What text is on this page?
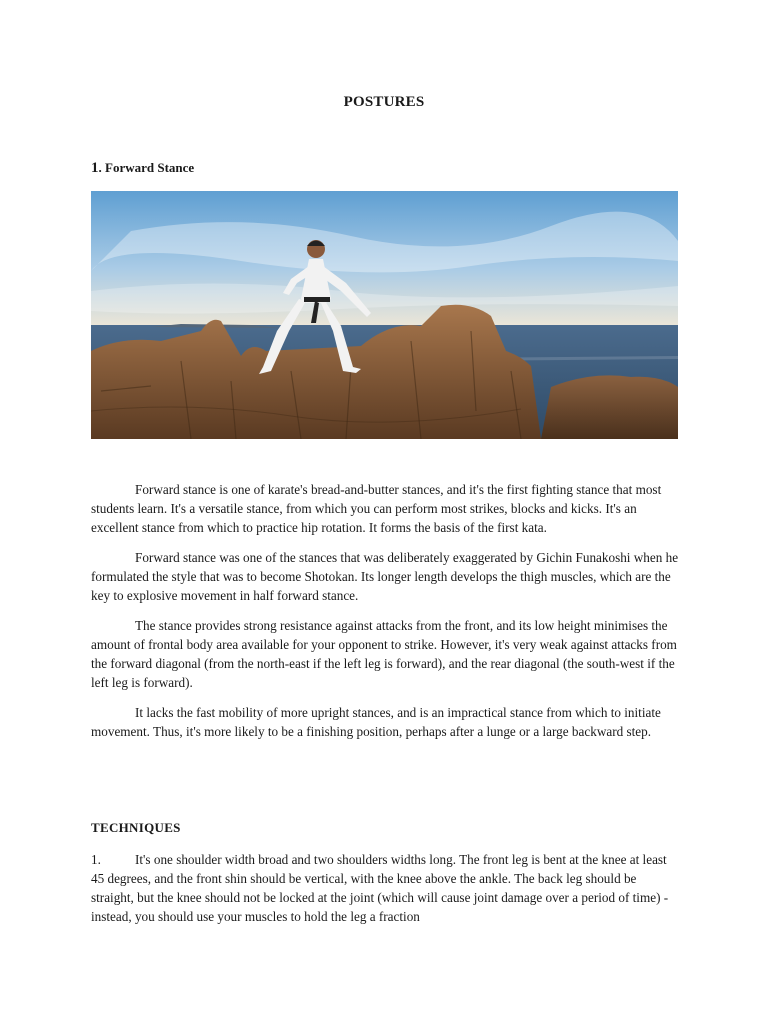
POSTURES
1. Forward Stance

Forward stance is one of karate's bread-and-butter stances, and it's the first fighting stance that most students learn. It's a versatile stance, from which you can perform most strikes, blocks and kicks. It's an excellent stance from which to practice hip rotation. It forms the basis of the first kata.

Forward stance was one of the stances that was deliberately exaggerated by Gichin Funakoshi when he formulated the style that was to become Shotokan. Its longer length develops the thigh muscles, which are the key to explosive movement in half forward stance.

The stance provides strong resistance against attacks from the front, and its low height minimises the amount of frontal body area available for your opponent to strike. However, it's very weak against attacks from the forward diagonal (from the north-east if the left leg is forward), and the rear diagonal (the south-west if the left leg is forward).

It lacks the fast mobility of more upright stances, and is an impractical stance from which to initiate movement. Thus, it's more likely to be a finishing position, perhaps after a lunge or a large backward step.

TECHNIQUES
1.	It's one shoulder width broad and two shoulders widths long. The front leg is bent at the knee at least 45 degrees, and the front shin should be vertical, with the knee above the ankle. The back leg should be straight, but the knee should not be locked at the joint (which will cause joint damage over a period of time) - instead, you should use your muscles to hold the leg a fraction
